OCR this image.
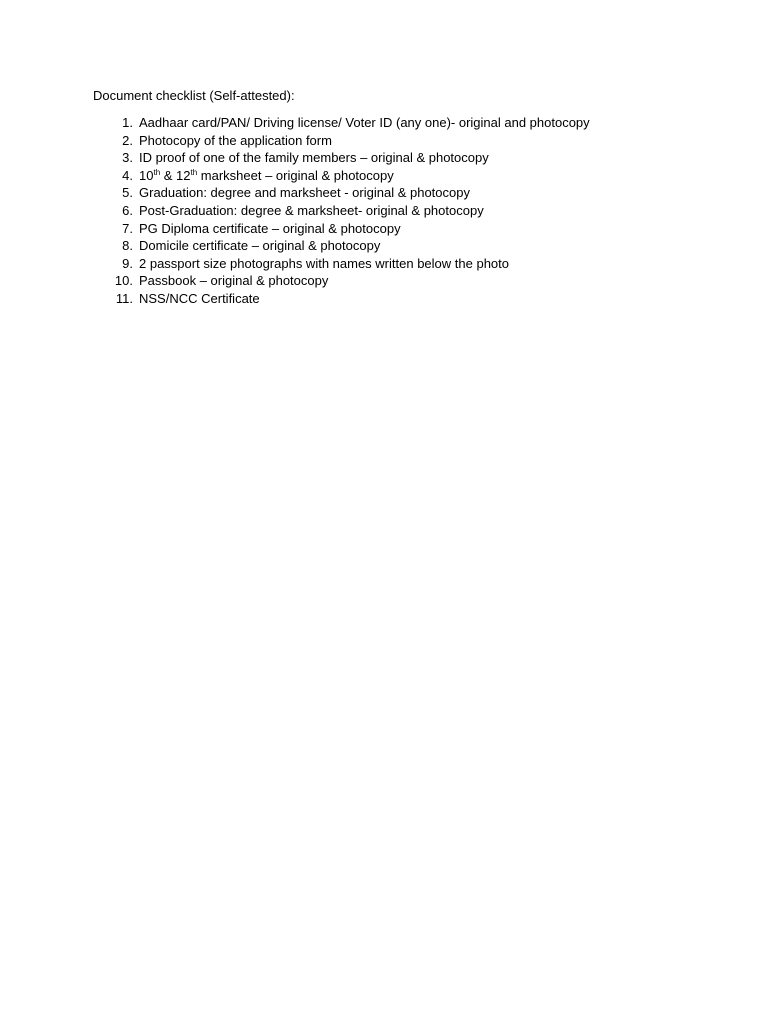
Document checklist (Self-attested):
1. Aadhaar card/PAN/ Driving license/ Voter ID (any one)- original and photocopy
2. Photocopy of the application form
3. ID proof of one of the family members – original & photocopy
4. 10th & 12th marksheet – original & photocopy
5. Graduation: degree and marksheet - original & photocopy
6. Post-Graduation: degree & marksheet- original & photocopy
7. PG Diploma certificate – original & photocopy
8. Domicile certificate – original & photocopy
9. 2 passport size photographs with names written below the photo
10. Passbook – original & photocopy
11. NSS/NCC Certificate
